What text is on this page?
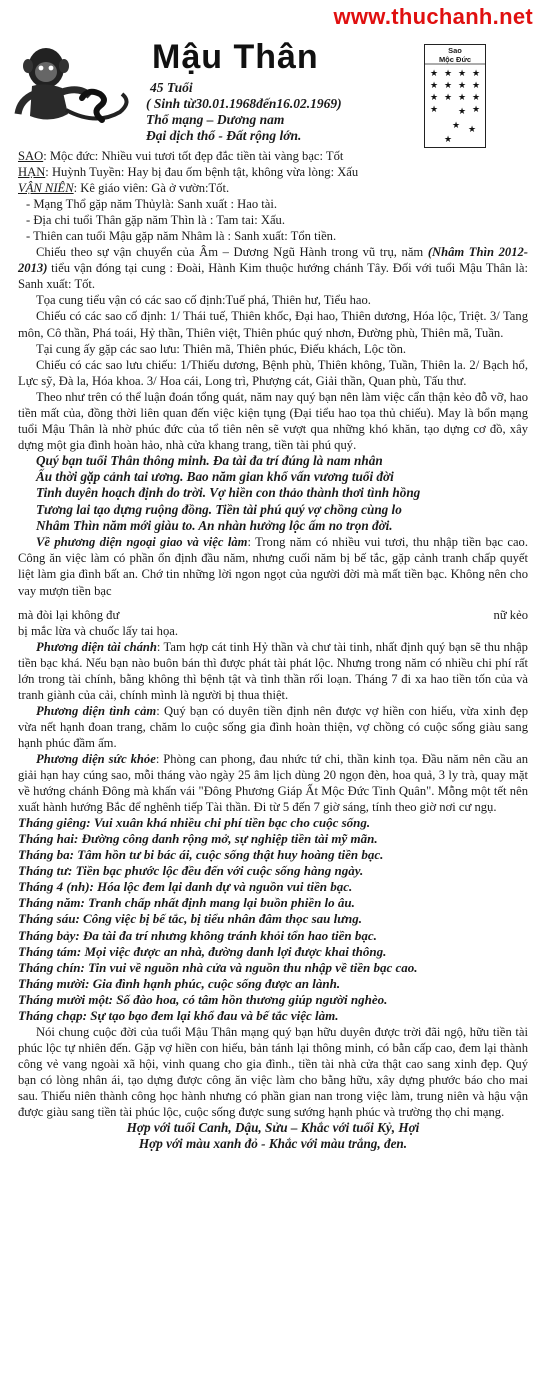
www.thuchanh.net
Mậu Thân
45 Tuổi
( Sinh từ30.01.1968đến16.02.1969)
Thổ mạng – Dương nam
Đại dịch thổ - Đất rộng lớn.
★ ★ ★ ★
★ ★ ★ ★
★ ★ ★ ★
★ ★ ★
★ ★
★
Sao
Mộc Đức

SAO: Mộc đức: Nhiều vui tươi tốt đẹp đắc tiền tài vàng bạc: Tốt

HẠN: Huỳnh Tuyền: Hay bị đau ốm bệnh tật, không vừa lòng: Xấu

VẬN NIÊN: Kê giáo viên: Gà ở vườn:Tốt.

- Mạng Thổ gặp năm Thủylà: Sanh xuất : Hao tài.

- Địa chi tuổi Thân gặp năm Thìn là : Tam tai: Xấu.

- Thiên can tuổi Mậu gặp năm Nhâm là : Sanh xuất: Tổn tiền.

Chiếu theo sự vận chuyển của Âm – Dương Ngũ Hành trong vũ trụ, năm (Nhâm Thìn 2012-2013) tiểu vận đóng tại cung : Đoài, Hành Kim thuộc hướng chánh Tây. Đối với tuổi Mậu Thân là: Sanh xuất: Tốt.

Tọa cung tiểu vận có các sao cố định:Tuế phá, Thiên hư, Tiểu hao.

Chiếu có các sao cố định: 1/ Thái tuế, Thiên khốc, Đại hao, Thiên dương, Hóa lộc, Triệt. 3/ Tang môn, Cô thần, Phá toái, Hỷ thần, Thiên việt, Thiên phúc quý nhơn, Đường phù, Thiên mã, Tuần.

Tại cung ấy gặp các sao lưu: Thiên mã, Thiên phúc, Điếu khách, Lộc tồn.

Chiếu có các sao lưu chiếu: 1/Thiếu dương, Bệnh phù, Thiên không, Tuần, Thiên la. 2/ Bạch hổ, Lực sỹ, Đà la, Hóa khoa. 3/ Hoa cái, Long trì, Phượng cát, Giải thần, Quan phù, Tấu thư.

Theo như trên có thể luận đoán tổng quát, năm nay quý bạn nên làm việc cẩn thận kẻo đỗ vỡ, hao tiền mất của, đồng thời liên quan đến việc kiện tụng (Đại tiểu hao tọa thủ chiếu). May là bổn mạng tuổi Mậu Thân là nhờ phúc đức của tổ tiên nên sẽ vượt qua những khó khăn, tạo dựng cơ đồ, xây dựng một gia đình hoàn hảo, nhà cửa khang trang, tiền tài phú quý.

Quý bạn tuổi Thân thông minh. Đa tài đa trí đúng là nam nhân

Ấu thời gặp cảnh tai ương. Bao năm gian khổ vấn vương tuổi đời

Tinh duyên hoạch định do trời. Vợ hiền con thảo thành thơi tình hồng

Tương lai tạo dựng ruộng đồng. Tiền tài phú quý vợ chồng cùng lo

Nhâm Thìn năm mới giàu to. An nhàn hưởng lộc ấm no trọn đời.

Về phương diện ngoại giao và việc làm: Trong năm có nhiều vui tươi, thu nhập tiền bạc cao. Công ăn việc làm có phần ổn định đầu năm, nhưng cuối năm bị bế tắc, gặp cảnh tranh chấp quyết liệt làm gia đình bất an. Chớ tin những lời ngon ngọt của người đời mà mất tiền bạc. Không nên cho vay mượn tiền bạc

mà đòi lại không đư	nữ kẻo

bị mắc lừa và chuốc lấy tai họa.

Phương diện tài chánh: Tam hợp cát tinh Hỷ thần và chư tài tinh, nhất định quý bạn sẽ thu nhập tiền bạc khá. Nếu bạn nào buôn bán thì được phát tài phát lộc. Nhưng trong năm có nhiều chi phí rất lớn trong tài chính, bằng không thì bệnh tật và tình thần rối loạn. Tháng 7 đi xa hao tiền tốn của và tranh giành của cải, chính mình là người bị thua thiệt.

Phương diện tình cảm: Quý bạn có duyên tiền định nên được vợ hiền con hiếu, vừa xinh đẹp vừa nết hạnh đoan trang, chăm lo cuộc sống gia đình hoàn thiện, vợ chồng có cuộc sống giàu sang hạnh phúc đầm ấm.

Phương diện sức khỏe: Phòng can phong, đau nhức tứ chi, thần kinh tọa. Đầu năm nên cầu an giải hạn hay cúng sao, mỗi tháng vào ngày 25 âm lịch dùng 20 ngọn đèn, hoa quả, 3 ly trà, quay mặt về hướng chánh Đông mà khấn vái "Đông Phương Giáp Ất Mộc Đức Tinh Quân". Mỗng một tết nên xuất hành hướng Bắc để nghênh tiếp Tài thần. Đi từ 5 đến 7 giờ sáng, tính theo giờ nơi cư ngụ.

Tháng giêng: Vui xuân khá nhiều chi phí tiền bạc cho cuộc sống.

Tháng hai: Đường công danh rộng mở, sự nghiệp tiền tài mỹ mãn.

Tháng ba: Tâm hồn tư bi bác ái, cuộc sống thật huy hoàng tiền bạc.

Tháng tư: Tiền bạc phước lộc đều đến với cuộc sống hàng ngày.

Tháng 4 (nh): Hóa lộc đem lại danh dự và nguồn vui tiền bạc.

Tháng năm: Tranh chấp nhất định mang lại buồn phiền lo âu.

Tháng sáu: Công việc bị bế tắc, bị tiểu nhân đâm thọc sau lưng.

Tháng bảy: Đa tài đa trí nhưng không tránh khỏi tổn hao tiền bạc.

Tháng tám: Mọi việc được an nhà, đường danh lợi được khai thông.

Tháng chín: Tin vui về nguồn nhà cửa và nguồn thu nhập về tiền bạc cao.

Tháng mười: Gia đình hạnh phúc, cuộc sống được an lành.

Tháng mười một: Số đào hoa, có tâm hồn thương giúp người nghèo.

Tháng chạp: Sự tạo bạo đem lại khổ đau và bế tắc việc làm.

Nói chung cuộc đời của tuổi Mậu Thân mạng quý bạn hữu duyên được trời đãi ngộ, hữu tiền tài phúc lộc tự nhiên đến. Gặp vợ hiền con hiếu, bản tánh lại thông minh, có bằn cấp cao, đem lại thành công vẻ vang ngoài xã hội, vinh quang cho gia đình., tiền tài nhà cửa thật cao sang xinh đẹp. Quý bạn có lòng nhân ái, tạo dựng được công ăn việc làm cho bằng hữu, xây dựng phước báo cho mai sau. Thiếu niên thành công học hành nhưng có phần gian nan trong việc làm, trung niên và hậu vận được giàu sang tiền tài phúc lộc, cuộc sống được sung sướng hạnh phúc và trường thọ chi mạng.

Hợp với tuổi Canh, Dậu, Sửu – Khắc với tuổi Kỷ, Hợi

Hợp với màu xanh đỏ - Khắc với màu trắng, đen.
